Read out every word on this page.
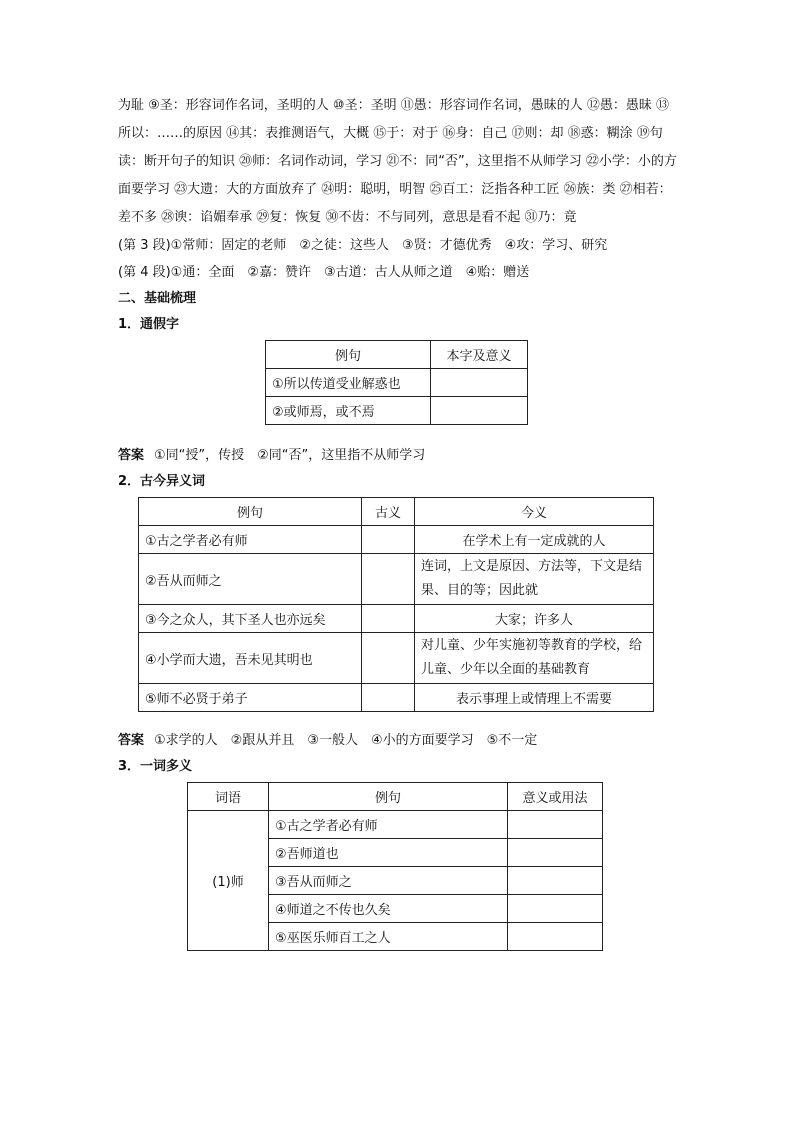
为耻 ⑨圣：形容词作名词，圣明的人 ⑩圣：圣明 ⑪愚：形容词作名词，愚昧的人 ⑫愚：愚昧 ⑬所以：……的原因 ⑭其：表推测语气，大概 ⑮于：对于 ⑯身：自己 ⑰则：却 ⑱惑：糊涂 ⑲句读：断开句子的知识 ⑳师：名词作动词，学习 ㉑不：同“否”，这里指不从师学习 ㉒小学：小的方面要学习 ㉓大遗：大的方面放弃了 ㉔明：聪明，明智 ㉕百工：泛指各种工匠 ㉖族：类 ㉗相若：差不多 ㉘谀：谄媚奉承 ㉙复：恢复 ㉚不齿：不与同列，意思是看不起 ㉛乃：竟

(第 3 段)①常师：固定的老师　②之徒：这些人　③贤：才德优秀　④攻：学习、研究

(第 4 段)①通：全面　②嘉：赞许　③古道：古人从师之道　④贻：赠送

二、基础梳理

1．通假字

例句	本字及意义
①所以传道受业解惑也	
②或师焉，或不焉	

答案 ①同“授”，传授　②同“否”，这里指不从师学习

2．古今异义词

例句	古义	今义
①古之学者必有师		在学术上有一定成就的人
②吾从而师之		连词，上文是原因、方法等，下文是结果、目的等；因此就
③今之众人，其下圣人也亦远矣		大家；许多人
④小学而大遗，吾未见其明也		对儿童、少年实施初等教育的学校，给儿童、少年以全面的基础教育
⑤师不必贤于弟子		表示事理上或情理上不需要

答案 ①求学的人　②跟从并且　③一般人　④小的方面要学习　⑤不一定

3．一词多义

词语	例句	意义或用法
(1)师	①古之学者必有师	
	②吾师道也	
	③吾从而师之	
	④师道之不传也久矣	
	⑤巫医乐师百工之人	
